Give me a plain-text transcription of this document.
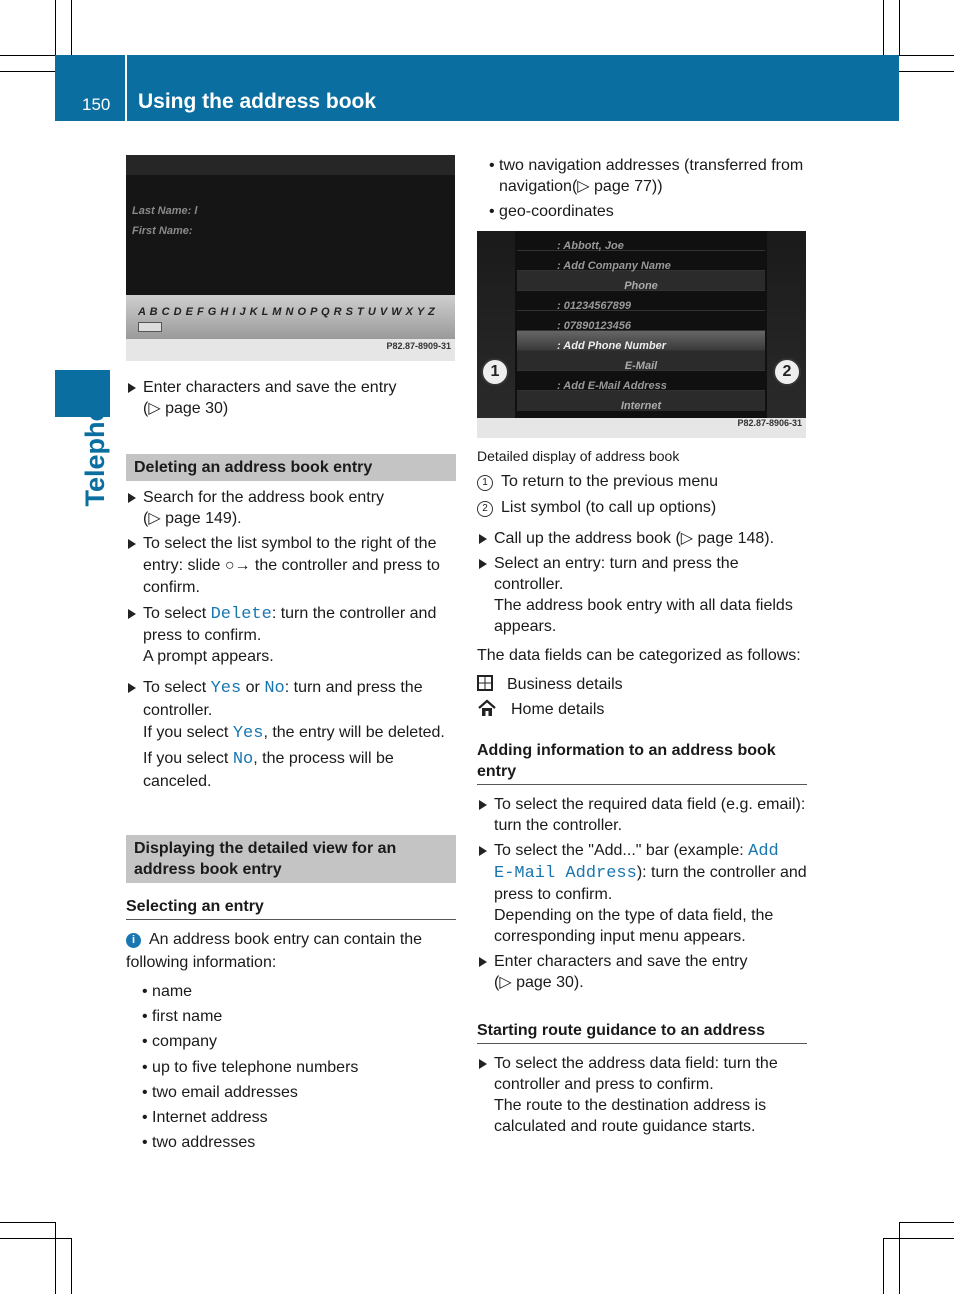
150 Using the address book
Telephone
Last Name: l
First Name:
A B C D E F G H I J K L M N O P Q R S T U V W X Y Z
P82.87-8909-31
Enter characters and save the entry
(▷ page 30)
Deleting an address book entry
Search for the address book entry
(▷ page 149).
To select the list symbol to the right of the entry: slide ○→ the controller and press to confirm.
To select Delete: turn the controller and press to confirm.
A prompt appears.
To select Yes or No: turn and press the controller.
If you select Yes, the entry will be deleted.
If you select No, the process will be canceled.
Displaying the detailed view for an address book entry
Selecting an entry
i An address book entry can contain the following information:
• name
• first name
• company
• up to five telephone numbers
• two email addresses
• Internet address
• two addresses
• two navigation addresses (transferred from navigation(▷ page 77))
• geo-coordinates
: Abbott, Joe
: Add Company Name
Phone
: 01234567899
: 07890123456
: Add Phone Number
E-Mail
: Add E-Mail Address
Internet
1	2
P82.87-8906-31
Detailed display of address book
1 To return to the previous menu
2 List symbol (to call up options)
Call up the address book (▷ page 148).
Select an entry: turn and press the controller.
The address book entry with all data fields appears.
The data fields can be categorized as follows:
Business details
Home details
Adding information to an address book entry
To select the required data field (e.g. email): turn the controller.
To select the "Add..." bar (example: Add E-Mail Address): turn the controller and press to confirm.
Depending on the type of data field, the corresponding input menu appears.
Enter characters and save the entry
(▷ page 30).
Starting route guidance to an address
To select the address data field: turn the controller and press to confirm.
The route to the destination address is calculated and route guidance starts.
